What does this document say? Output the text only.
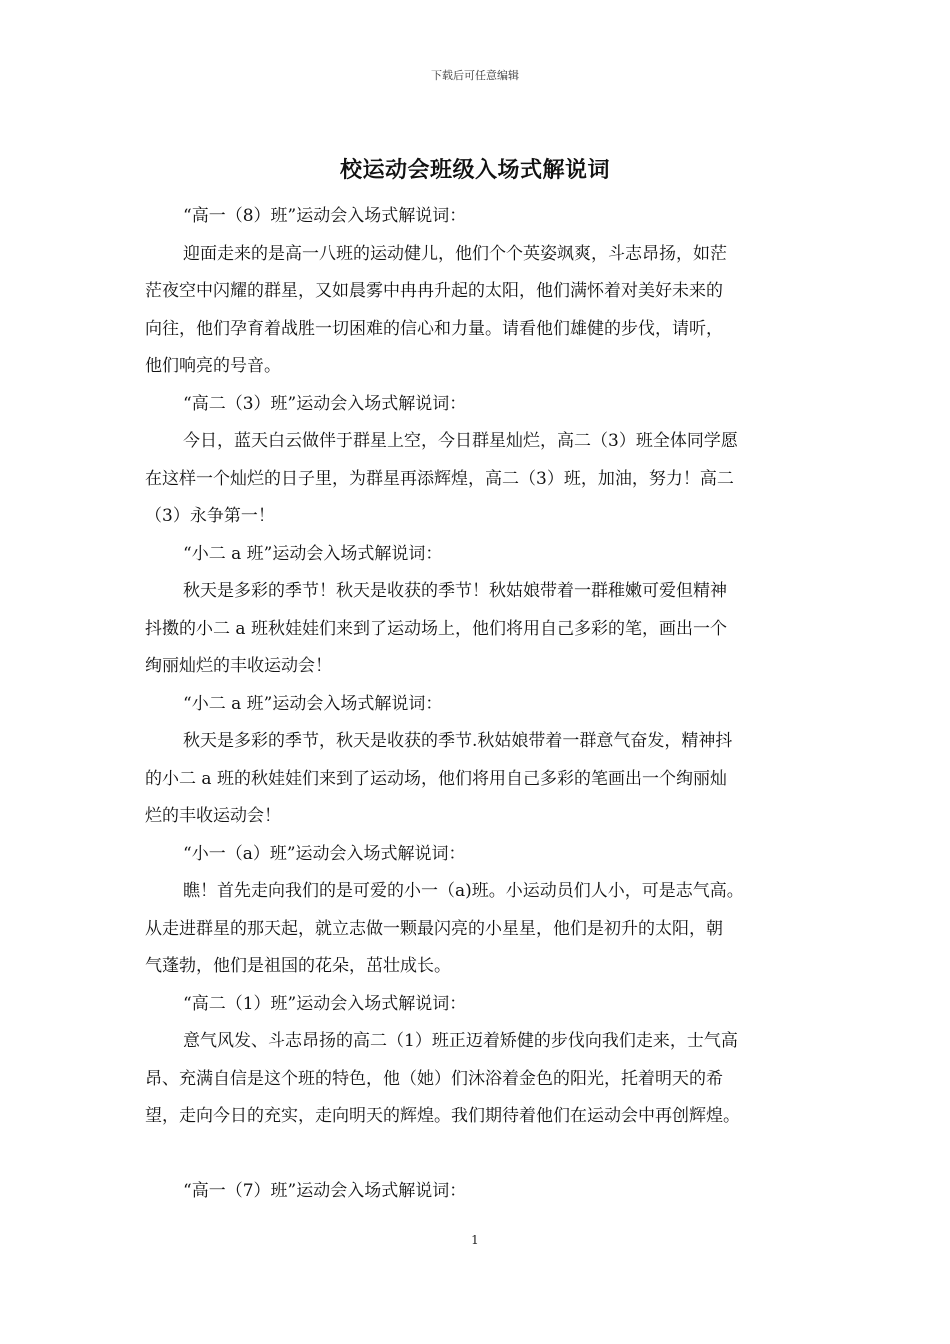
下载后可任意编辑
校运动会班级入场式解说词

“高一（8）班”运动会入场式解说词：

迎面走来的是高一八班的运动健儿，他们个个英姿飒爽，斗志昂扬，如茫

茫夜空中闪耀的群星，又如晨雾中冉冉升起的太阳，他们满怀着对美好未来的

向往，他们孕育着战胜一切困难的信心和力量。请看他们雄健的步伐，请听，

他们响亮的号音。

“高二（3）班”运动会入场式解说词：

今日，蓝天白云做伴于群星上空，今日群星灿烂，高二（3）班全体同学愿

在这样一个灿烂的日子里，为群星再添辉煌，高二（3）班，加油，努力！高二

（3）永争第一！

“小二 a 班”运动会入场式解说词：

秋天是多彩的季节！秋天是收获的季节！秋姑娘带着一群稚嫩可爱但精神

抖擞的小二 a 班秋娃娃们来到了运动场上，他们将用自己多彩的笔，画出一个

绚丽灿烂的丰收运动会！

“小二 a 班”运动会入场式解说词：

秋天是多彩的季节，秋天是收获的季节.秋姑娘带着一群意气奋发，精神抖

的小二 a 班的秋娃娃们来到了运动场，他们将用自己多彩的笔画出一个绚丽灿

烂的丰收运动会！

“小一（a）班”运动会入场式解说词：

瞧！首先走向我们的是可爱的小一（a)班。小运动员们人小，可是志气高。

从走进群星的那天起，就立志做一颗最闪亮的小星星，他们是初升的太阳，朝

气蓬勃，他们是祖国的花朵，茁壮成长。

“高二（1）班”运动会入场式解说词：

意气风发、斗志昂扬的高二（1）班正迈着矫健的步伐向我们走来，士气高

昂、充满自信是这个班的特色，他（她）们沐浴着金色的阳光，托着明天的希

望，走向今日的充实，走向明天的辉煌。我们期待着他们在运动会中再创辉煌。

“高一（7）班”运动会入场式解说词：

1
